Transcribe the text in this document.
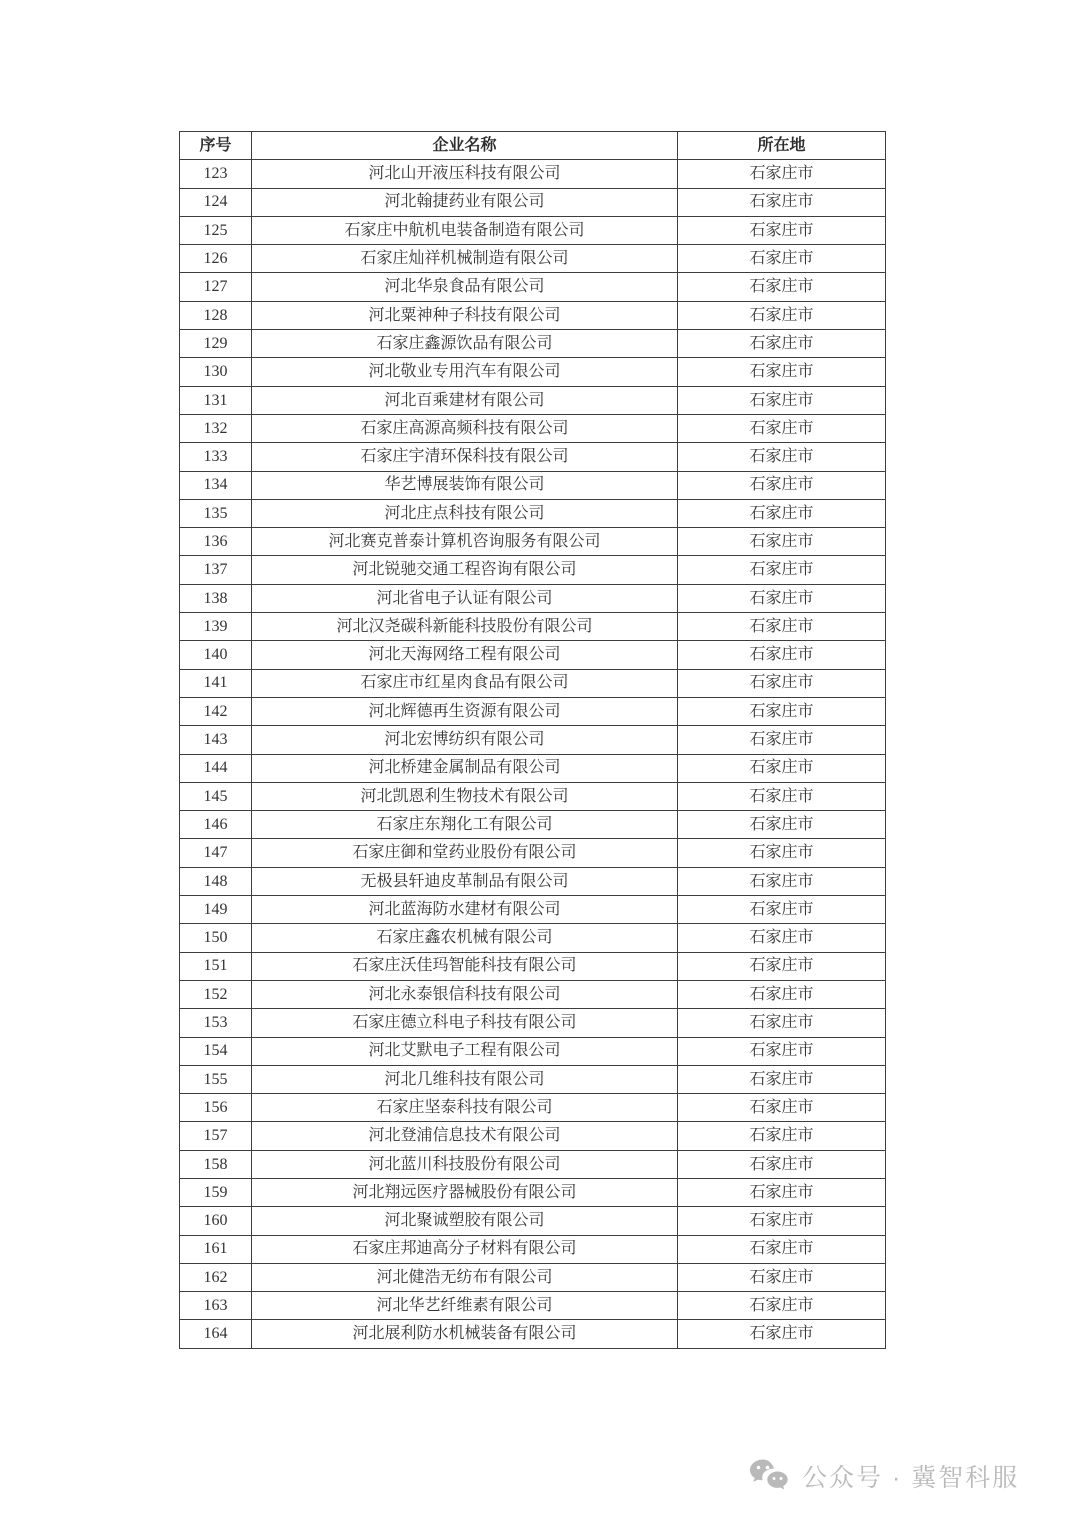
序号	企业名称	所在地
123	河北山开液压科技有限公司	石家庄市
124	河北翰捷药业有限公司	石家庄市
125	石家庄中航机电装备制造有限公司	石家庄市
126	石家庄灿祥机械制造有限公司	石家庄市
127	河北华泉食品有限公司	石家庄市
128	河北粟神种子科技有限公司	石家庄市
129	石家庄鑫源饮品有限公司	石家庄市
130	河北敬业专用汽车有限公司	石家庄市
131	河北百乘建材有限公司	石家庄市
132	石家庄高源高频科技有限公司	石家庄市
133	石家庄宇清环保科技有限公司	石家庄市
134	华艺博展装饰有限公司	石家庄市
135	河北庄点科技有限公司	石家庄市
136	河北赛克普泰计算机咨询服务有限公司	石家庄市
137	河北锐驰交通工程咨询有限公司	石家庄市
138	河北省电子认证有限公司	石家庄市
139	河北汉尧碳科新能科技股份有限公司	石家庄市
140	河北天海网络工程有限公司	石家庄市
141	石家庄市红星肉食品有限公司	石家庄市
142	河北辉德再生资源有限公司	石家庄市
143	河北宏博纺织有限公司	石家庄市
144	河北桥建金属制品有限公司	石家庄市
145	河北凯恩利生物技术有限公司	石家庄市
146	石家庄东翔化工有限公司	石家庄市
147	石家庄御和堂药业股份有限公司	石家庄市
148	无极县轩迪皮革制品有限公司	石家庄市
149	河北蓝海防水建材有限公司	石家庄市
150	石家庄鑫农机械有限公司	石家庄市
151	石家庄沃佳玛智能科技有限公司	石家庄市
152	河北永泰银信科技有限公司	石家庄市
153	石家庄德立科电子科技有限公司	石家庄市
154	河北艾默电子工程有限公司	石家庄市
155	河北几维科技有限公司	石家庄市
156	石家庄坚泰科技有限公司	石家庄市
157	河北登浦信息技术有限公司	石家庄市
158	河北蓝川科技股份有限公司	石家庄市
159	河北翔远医疗器械股份有限公司	石家庄市
160	河北聚诚塑胶有限公司	石家庄市
161	石家庄邦迪高分子材料有限公司	石家庄市
162	河北健浩无纺布有限公司	石家庄市
163	河北华艺纤维素有限公司	石家庄市
164	河北展利防水机械装备有限公司	石家庄市
公众号 · 冀智科服
